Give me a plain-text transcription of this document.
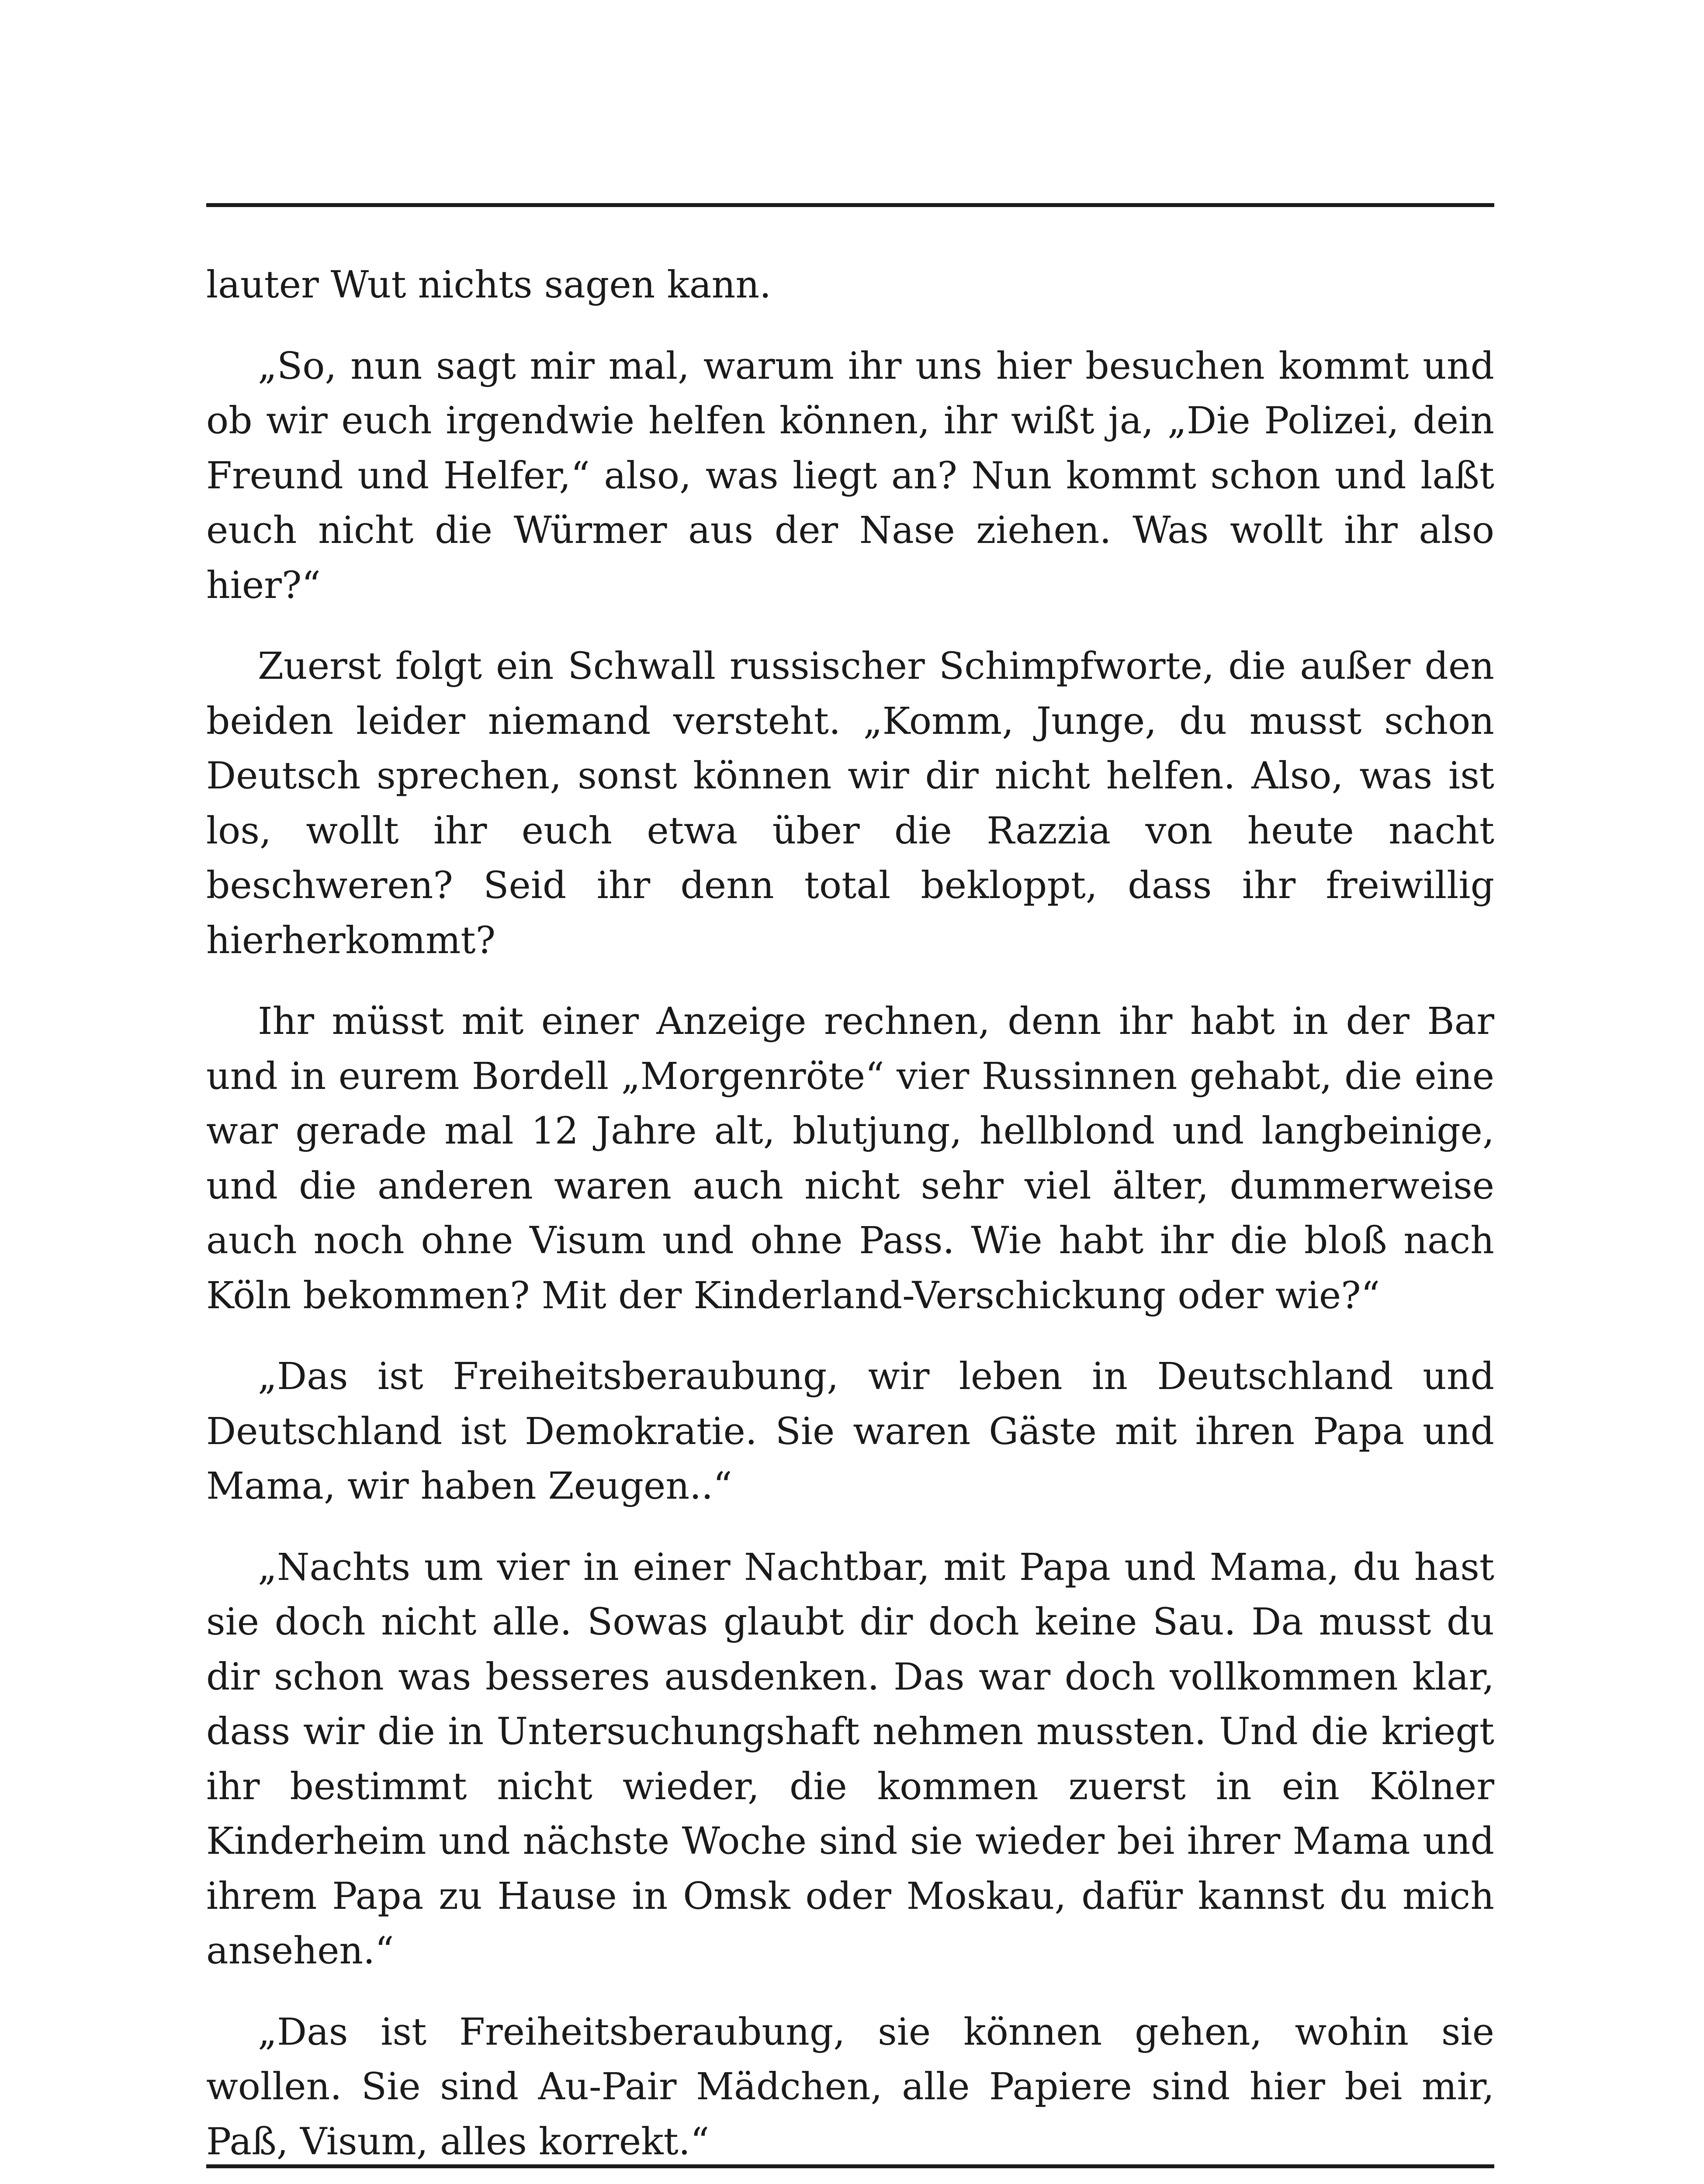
lauter Wut nichts sagen kann.

„So, nun sagt mir mal, warum ihr uns hier besuchen kommt und ob wir euch irgendwie helfen können, ihr wißt ja, „Die Polizei, dein Freund und Helfer,“ also, was liegt an? Nun kommt schon und laßt euch nicht die Würmer aus der Nase ziehen. Was wollt ihr also hier?“

Zuerst folgt ein Schwall russischer Schimpfworte, die außer den beiden leider niemand versteht. „Komm, Junge, du musst schon Deutsch sprechen, sonst können wir dir nicht helfen. Also, was ist los, wollt ihr euch etwa über die Razzia von heute nacht beschweren? Seid ihr denn total bekloppt, dass ihr freiwillig hierherkommt?

Ihr müsst mit einer Anzeige rechnen, denn ihr habt in der Bar und in eurem Bordell „Morgenröte“ vier Russinnen gehabt, die eine war gerade mal 12 Jahre alt, blutjung, hellblond und langbeinige, und die anderen waren auch nicht sehr viel älter, dummerweise auch noch ohne Visum und ohne Pass. Wie habt ihr die bloß nach Köln bekommen? Mit der Kinderland-Verschickung oder wie?“

„Das ist Freiheitsberaubung, wir leben in Deutschland und Deutschland ist Demokratie. Sie waren Gäste mit ihren Papa und Mama, wir haben Zeugen..“

„Nachts um vier in einer Nachtbar, mit Papa und Mama, du hast sie doch nicht alle. Sowas glaubt dir doch keine Sau. Da musst du dir schon was besseres ausdenken. Das war doch vollkommen klar, dass wir die in Untersuchungshaft nehmen mussten. Und die kriegt ihr bestimmt nicht wieder, die kommen zuerst in ein Kölner Kinderheim und nächste Woche sind sie wieder bei ihrer Mama und ihrem Papa zu Hause in Omsk oder Moskau, dafür kannst du mich ansehen.“

„Das ist Freiheitsberaubung, sie können gehen, wohin sie wollen. Sie sind Au-Pair Mädchen, alle Papiere sind hier bei mir, Paß, Visum, alles korrekt.“
